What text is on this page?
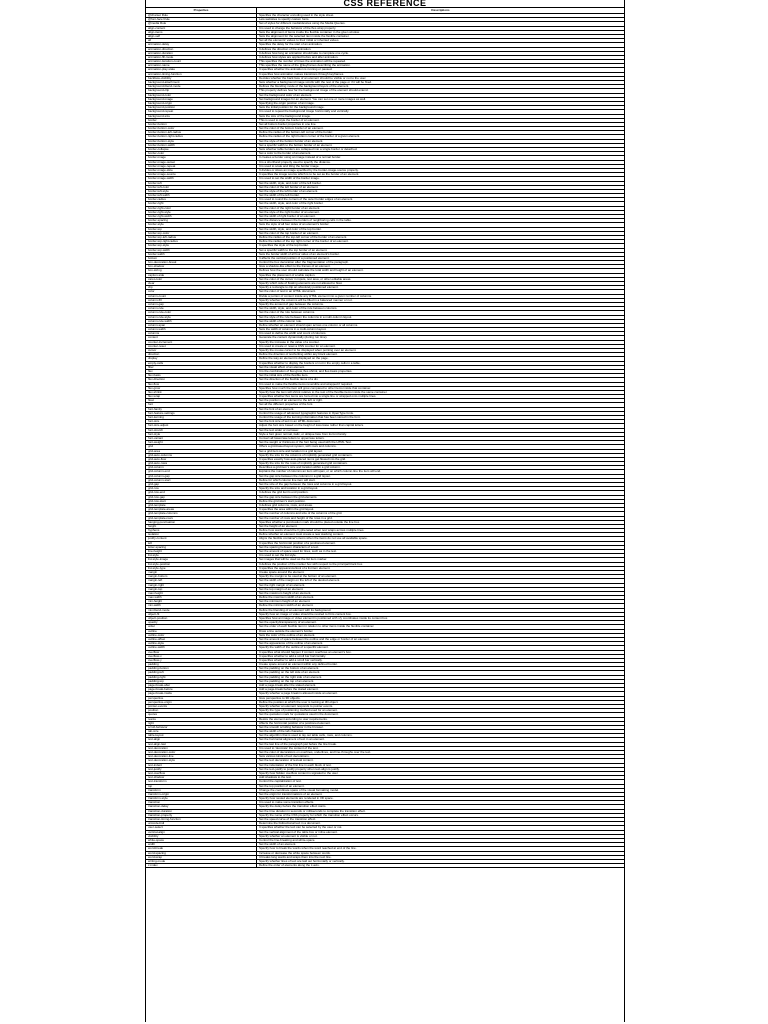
CSS REFERENCE
Properties	Descriptions
@charset Rule	Specifies the character encoding used in the style sheet.
@font-face Rule	Lets websites to specify custom fonts.
@media Rule	Set of styles for different media/devices using the Media Queries.
align-content	It is used to change the behavior of the flex-wrap property.
align-items	Sets the alignment of items inside the flexible container in the given window.
align-self	Sets the alignment for the selected item inside the flexible container.
all	Set all the elements' values to their initial or inherited values.
animation-delay	Specifies the delay for the start of an animation.
animation-direction	It defines the direction of the animation.
animation-duration	It defines how long an animation should take to complete one cycle.
animation-fill-mode	It defines how styles are applied before and after animation.
animation-iteration-count	This specifies the number of times the animation will be repeated.
animation-name	This specifies the name of the @keyframes describing the animation.
animation-play-state	It specifies whether the animation is running or paused.
animation-timing-function	It specifies how animation makes transitions through keyframes.
backface-visibility	Decides whether the back face of an element should be visible or not to the user.
background-attachment	Sets whether a background image scrolls with the rest of the page or if it will be fixed.
background-blend-mode	Defines the blending mode of the background layers of the element.
background-clip	This property defines how far the background image of the element should extend.
background-color	Set the background color of an element.
background-image	Set background images for an element. You can set one or more images as well.
background-origin	Specifying the origin position of an image.
background-position	Sets the initial position for the background image.
background-repeat	It is used to repeat the background image horizontally and vertically.
background-size	Sets the size of the background image.
border	This is used to style the border of an element.
border-bottom	Set all bottom border properties in one line.
border-bottom-color	Set the color of the bottom border of an element.
border-bottom-left-radius	Define the radius of the bottom-left corner of the border.
border-bottom-right-radius	Define the radius of the right bottom corner of the border of a given element.
border-bottom-style	Set the style of the bottom border of an element.
border-bottom-width	Set a specific width to the bottom border of an element.
border-collapse	Sets whether table borders are collapsed into a single border or detached.
border-color	Set a color to the border of an element.
border-image	It creates a border using an image instead of a normal border.
border-image-outset	It is a shorthand property used to specify the distance.
border-image-repeat	It is used to scale and tiling the border image.
border-image-slice	It divides or slices an image specified by the border-image-source property.
border-image-source	It specifies the image source which is to be set as the border of an element.
border-image-width	It is used to set the width of the border image.
border-left	Set the width, style, and color of the left border.
border-left-color	Set the color of the left border of an element.
border-left-style	Set the style of the left border of an element.
border-left-width	Set the width of the left border.
border-radius	It is used to round the corners of the outer border edges of an element.
border-right	Set the width, style, and color of the right border.
border-right-color	Set the color of the right border of an element.
border-right-style	Set the style of the right border of an element.
border-right-width	Set the width of right border of an element.
border-spacing	Set the distance between the borders of neighboring cells in the table.
border-style	Sets the style of all four sides of an element's border.
border-top	Set the width, style, and color of the top border.
border-top-color	Set the color of the top border of an element.
border-top-left-radius	Define the radius of the top-left corner of the border of an element.
border-top-right-radius	Define the radius of the top right corner of the border of an element.
border-top-style	It specifies the style of the top border.
border-top-width	Set a specific width to the top border of an element.
border-width	Sets the border width of all four sides of an element's border.
bottom	It affects the vertical position of a positioned element.
box-decoration-break	Control the box decoration after the fragmentation of the paragraph.
box-shadow	Give a shadow-like effect to the frames of an element.
box-sizing	Defines how the user should calculate the total width and height of an element.
caption-side	Specifies the placement of a table caption.
caret-color	Set the color of the cursor in inputs, text area, or other editable areas.
clear	Specify which side of floating elements are not allowed to float.
clip	Specify a rectangle to clip an absolutely positioned element.
color	Set the color of text in an HTML document.
column-count	Divide a portion of content inside any HTML element into a given number of columns.
column-fill	Specify whether the columns will be filled in a balanced manner or not.
column-gap	Specify the amount of gap between the columns.
column-rule	Set the width, style, and color of the rule between columns.
column-rule-color	Set the color of the rule between columns.
column-rule-style	Set the style of the rule between the columns in a multi-column layout.
column-rule-width	Set the width of the column rule.
column-span	Define whether an element should span across one column or all columns.
column-width	Sets the width of columns in a multi-column layout.
columns	It is used to define the width and count of columns.
content	Generate the content dynamically (during run time).
counter-increment	Specify the increase in the value of a counter.
counter-reset	It is used to create or reset a CSS counter for an element.
cursor	Specify the mouse cursor to be displayed when pointing over an element.
direction	Define the direction of text/writing within any block element.
display	Define the way an element is displayed on the page.
empty-cells	It specifies whether to display the borders or not in the empty cells in a table.
filter	Set the visual effect of an element.
flex	It is the combination of flex-grow, flex-shrink, and flex-basis properties.
flex-basis	Set the initial size of the flexible item.
flex-direction	Set the direction of the flexible items of a div.
flex-flow	It is used to make the flexible items reversible and wrapped if required.
flex-grow	Specifies how much the item will grow compared to other items inside that container.
flex-shrink	Specify how the item will shrink relative to the rest of the flexible items inside the same container.
flex-wrap	It specifies whether flex items are forced into a single line or wrapped onto multiple lines.
float	Set the position of an element to the left or right.
font	Set all the different properties of the font.
font-family	Set the font of an element.
font-feature-settings	Control the usage of advanced typographic features in OpenType fonts.
font-kerning	Control the usage of the kerning information that has been stored in the font.
font-size	Set the font size of text in an HTML document.
font-size-adjust	Adjust the font size based on the height of lowercase rather than capital letters.
font-stretch	Set the text wider or narrower.
font-style	Style a font given normal, italic, or oblique face from its font family.
font-variant	Convert all lowercase letters to uppercase letters.
font-weight	Set the weight or thickness of the font being used with the HTML Text.
grid	Offers a grid-based layout system, with rows and columns.
grid-area	Set a grid item size and location in a grid layout.
grid-auto-columns	Specify the size for the columns of implicitly generated grid containers.
grid-auto-flow	It specifies exactly how auto-placed items get flowed into the grid.
grid-auto-rows	Specify the size for the rows of implicitly generated grid containers.
grid-column	Describes a grid item's size and location within a grid column.
grid-column-end	Explains the number of columns an item will span, or on which column-line the item will end.
grid-column-gap	Set the gap size between the columns in a grid layout.
grid-column-start	Define for which column line item will start.
grid-gap	Set the size of the gap between the rows and columns in a grid layout.
grid-row	Specify the size and location in a grid layout.
grid-row-end	It defines the grid item's end position.
grid-row-gap	Set the gap size between the grid elements.
grid-row-start	Define the grid item's start position.
grid-template	It defines grid columns, rows, and areas.
grid-template-areas	It specifies the area within the grid layout.
grid-template-columns	Set the number of columns and size of the columns of the grid.
grid-template-rows	Set the number of rows and height of the rows in a grid.
hanging-punctuation	Specifies whether a punctuation mark should be placed outside the line box.
height	Set the height of an element.
hyphens	Define how words should be hyphenated when text wraps across multiple lines.
isolation	Define whether an element must create a new stacking content.
justify-content	Aligns the flexible container's items when the items do not use all available space.
left	It specifies the horizontal position of a positioned element.
letter-spacing	Set the spacing between characters of a text.
line-height	Set the amount of space used for lines, such as in the text.
list-style	It is used to set the list style.
list-style-image	Set images that will be used as the list item marker.
list-style-position	It defines the position of the marker box with respect to the principal block box.
list-style-type	It specifies the appearance/look of a list item element.
margin	Create space around the element.
margin-bottom	Specify the margin to be used at the bottom of an element.
margin-left	Set the width of the margin on the left of the desired element.
margin-right	Set the right margin of an element.
margin-top	Set the top margin of an element.
max-height	Set the maximum height of an element.
max-width	Define the maximum width of an element.
min-height	Set the minimum height of an element.
min-width	Define the minimum width of an element.
mix-blend-mode	Define the blending of an element with its background.
object-fit	Specify how an image or video should be resized to fit its content box.
object-position	Specifies how an image or video element is positioned with x/y coordinates inside its content box.
opacity	Set the opacity/transparency of an element.
order	Set the order of each flexible item in relation to other items inside the flexible container.
outline	Draw a line outside the element's border.
outline-color	Sets the color of the outline of an element.
outline-offset	Set the amount of space between the outline and the edge or border of an element.
outline-style	Set the appearance of the outline of an element.
outline-width	Specify the width of the outline of a specific element.
overflow	It specifies what should happen if content overflows an element's box.
overflow-x	It specifies whether to add a scroll bar horizontally.
overflow-y	It specifies whether to add a scroll bar vertically.
padding	Create space around an element within any defined border.
padding-bottom	Set the padding on the bottom of an element.
padding-left	Set the padding on the left side of an element.
padding-right	Set the padding on the right side of an element.
padding-top	Set the padding on the top of an element.
page-break-after	Add a page-break after the stated element.
page-break-before	Add a page-break before the stated element.
page-break-inside	Specify whether a page break is allowed inside an element.
perspective	Give perspective to 3D objects.
perspective-origin	Define the position at which the user is looking at 3D object.
pointer-events	Specify whether an element responds to pointer events.
position	Specify the type of positioning method used for an element.
quotes	Set the quotation mark for quotations used in the document.
resize	Resize the element according to user requirements.
right	Affects the horizontal position of a positioned element.
scroll-behavior	Set the smooth scrolling behavior in the browser.
tab-size	Set the width of the tab character.
table-layout	Set the algorithm that is used to lay out table cells, rows, and columns.
text-align	Set the horizontal alignment of text in an element.
text-align-last	Set the last line of the paragraph just before the line break.
text-decoration	It is used to 'decorate' the content of the text.
text-decoration-color	Set the color of decorations on overlines, underlines, and line-throughs over the text.
text-decoration-line	Sets various kinds of text decorations.
text-decoration-style	Set the text decoration of textual content.
text-indent	Set the indentation of the first line in each block of text.
text-justify	Set the text-justify to justify property when text-align is justify.
text-overflow	Specify how hidden overflow content is signaled to the user.
text-shadow	Add shadows to the text.
text-transform	Control the capitalization of text.
top	Set the top position of an element.
transform	Change the coordinate space of the visual formatting model.
transform-origin	Set the origin for transformations of an element.
transform-style	Specify how nested elements are rendered in 3D space.
transition	It is used to make some transition effects.
transition-delay	Specify the delay before the transition effect starts.
transition-duration	Set the time duration in seconds or milliseconds to complete the transition effect.
transition-property	Specify the name of the CSS property for which the transition effect occurs.
transition-timing-function	Set the speed curve of the transition effect.
unicode-bidi	Determine the bidirectional text in a document.
user-select	It specifies whether the text can be selected by the user or not.
vertical-align	Set the vertical alignment of the table box or inline element.
visibility	Specify whether an element is visible or not.
white-space	Control the line-breaking and white-space.
width	Set the width of an element.
word-break	Specify how to break the words when the word reached at end of the line.
word-spacing	Increase or decrease the white space between words.
word-wrap	It breaks long words and wraps them into the next line.
writing-mode	Specify whether lines of text are laid out horizontally or vertically.
z-index	Define the order of elements along the z-axis.
